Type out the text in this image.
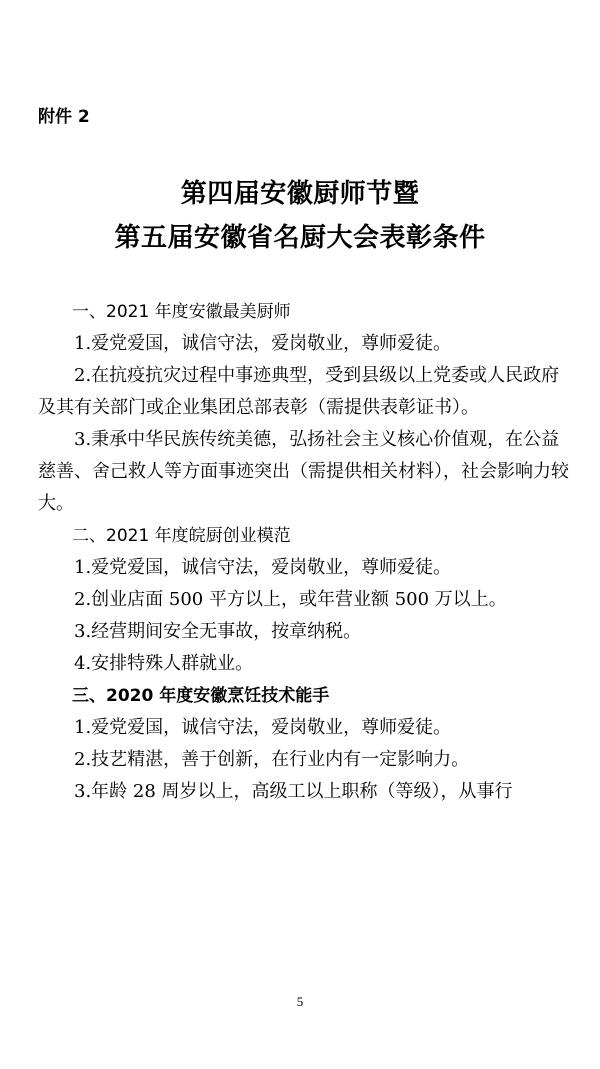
附件 2

第四届安徽厨师节暨
第五届安徽省名厨大会表彰条件

一、2021 年度安徽最美厨师

1.爱党爱国，诚信守法，爱岗敬业，尊师爱徒。

2.在抗疫抗灾过程中事迹典型，受到县级以上党委或人民政府及其有关部门或企业集团总部表彰（需提供表彰证书）。

3.秉承中华民族传统美德，弘扬社会主义核心价值观，在公益慈善、舍己救人等方面事迹突出（需提供相关材料），社会影响力较大。

二、2021 年度皖厨创业模范

1.爱党爱国，诚信守法，爱岗敬业，尊师爱徒。

2.创业店面 500 平方以上，或年营业额 500 万以上。

3.经营期间安全无事故，按章纳税。

4.安排特殊人群就业。

三、2020 年度安徽烹饪技术能手

1.爱党爱国，诚信守法，爱岗敬业，尊师爱徒。

2.技艺精湛，善于创新，在行业内有一定影响力。

3.年龄 28 周岁以上，高级工以上职称（等级），从事行

5
